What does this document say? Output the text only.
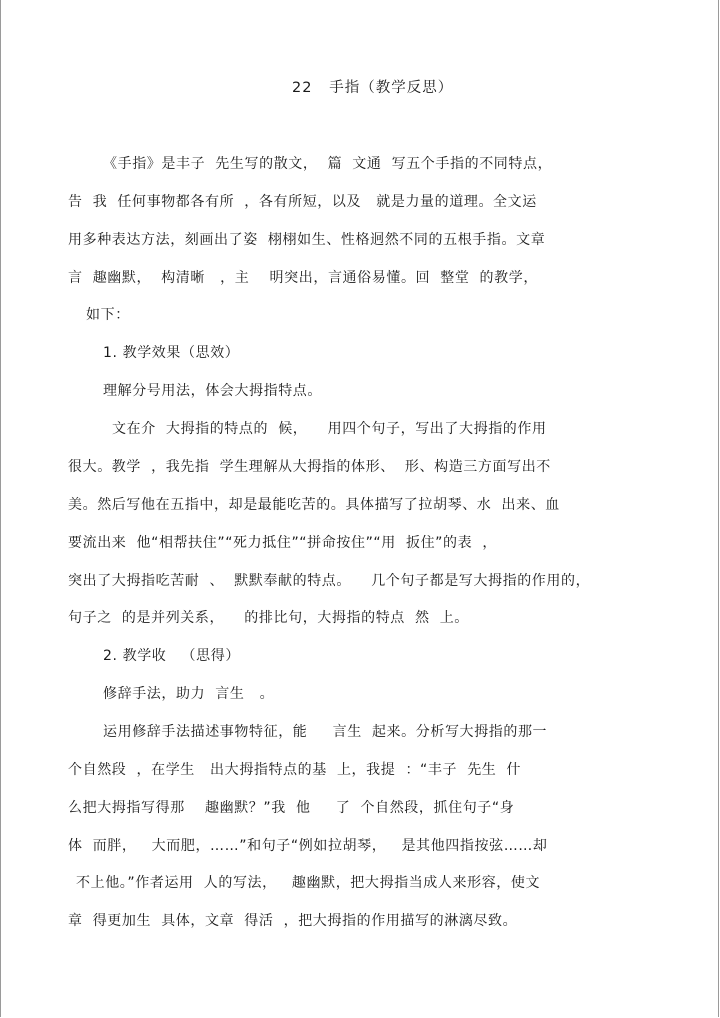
22   手指（教学反思）
《手指》是丰子  先生写的散文，  篇  文通  写五个手指的不同特点，
告  我  任何事物都各有所  ，各有所短，以及   就是力量的道理。全文运
用多种表达方法，刻画出了姿  栩栩如生、性格迥然不同的五根手指。文章
言  趣幽默，  构清晰   ，主    明突出，言通俗易懂。回  整堂  的教学，
如下：
1. 教学效果（思效）
理解分号用法，体会大拇指特点。
文在介  大拇指的特点的  候，    用四个句子，写出了大拇指的作用
很大。教学  ，我先指  学生理解从大拇指的体形、  形、构造三方面写出不
美。然后写他在五指中，却是最能吃苦的。具体描写了拉胡琴、水  出来、血
要流出来  他“相帮扶住”“死力抵住”“拼命按住”“用  扳住”的表  ，
突出了大拇指吃苦耐  、  默默奉献的特点。    几个句子都是写大拇指的作用的，
句子之  的是并列关系，    的排比句，大拇指的特点  然  上。
2. 教学收   （思得）
修辞手法，助力  言生   。
运用修辞手法描述事物特征，能     言生  起来。分析写大拇指的那一
个自然段  ，在学生   出大拇指特点的基  上，我提  ：“丰子  先生  什
么把大拇指写得那    趣幽默？”我  他     了  个自然段，抓住句子“身
体  而胖，   大而肥，……”和句子“例如拉胡琴，   是其他四指按弦……却
不上他。”作者运用  人的写法，   趣幽默，把大拇指当成人来形容，使文
章  得更加生  具体，文章  得活  ，把大拇指的作用描写的淋漓尽致。
